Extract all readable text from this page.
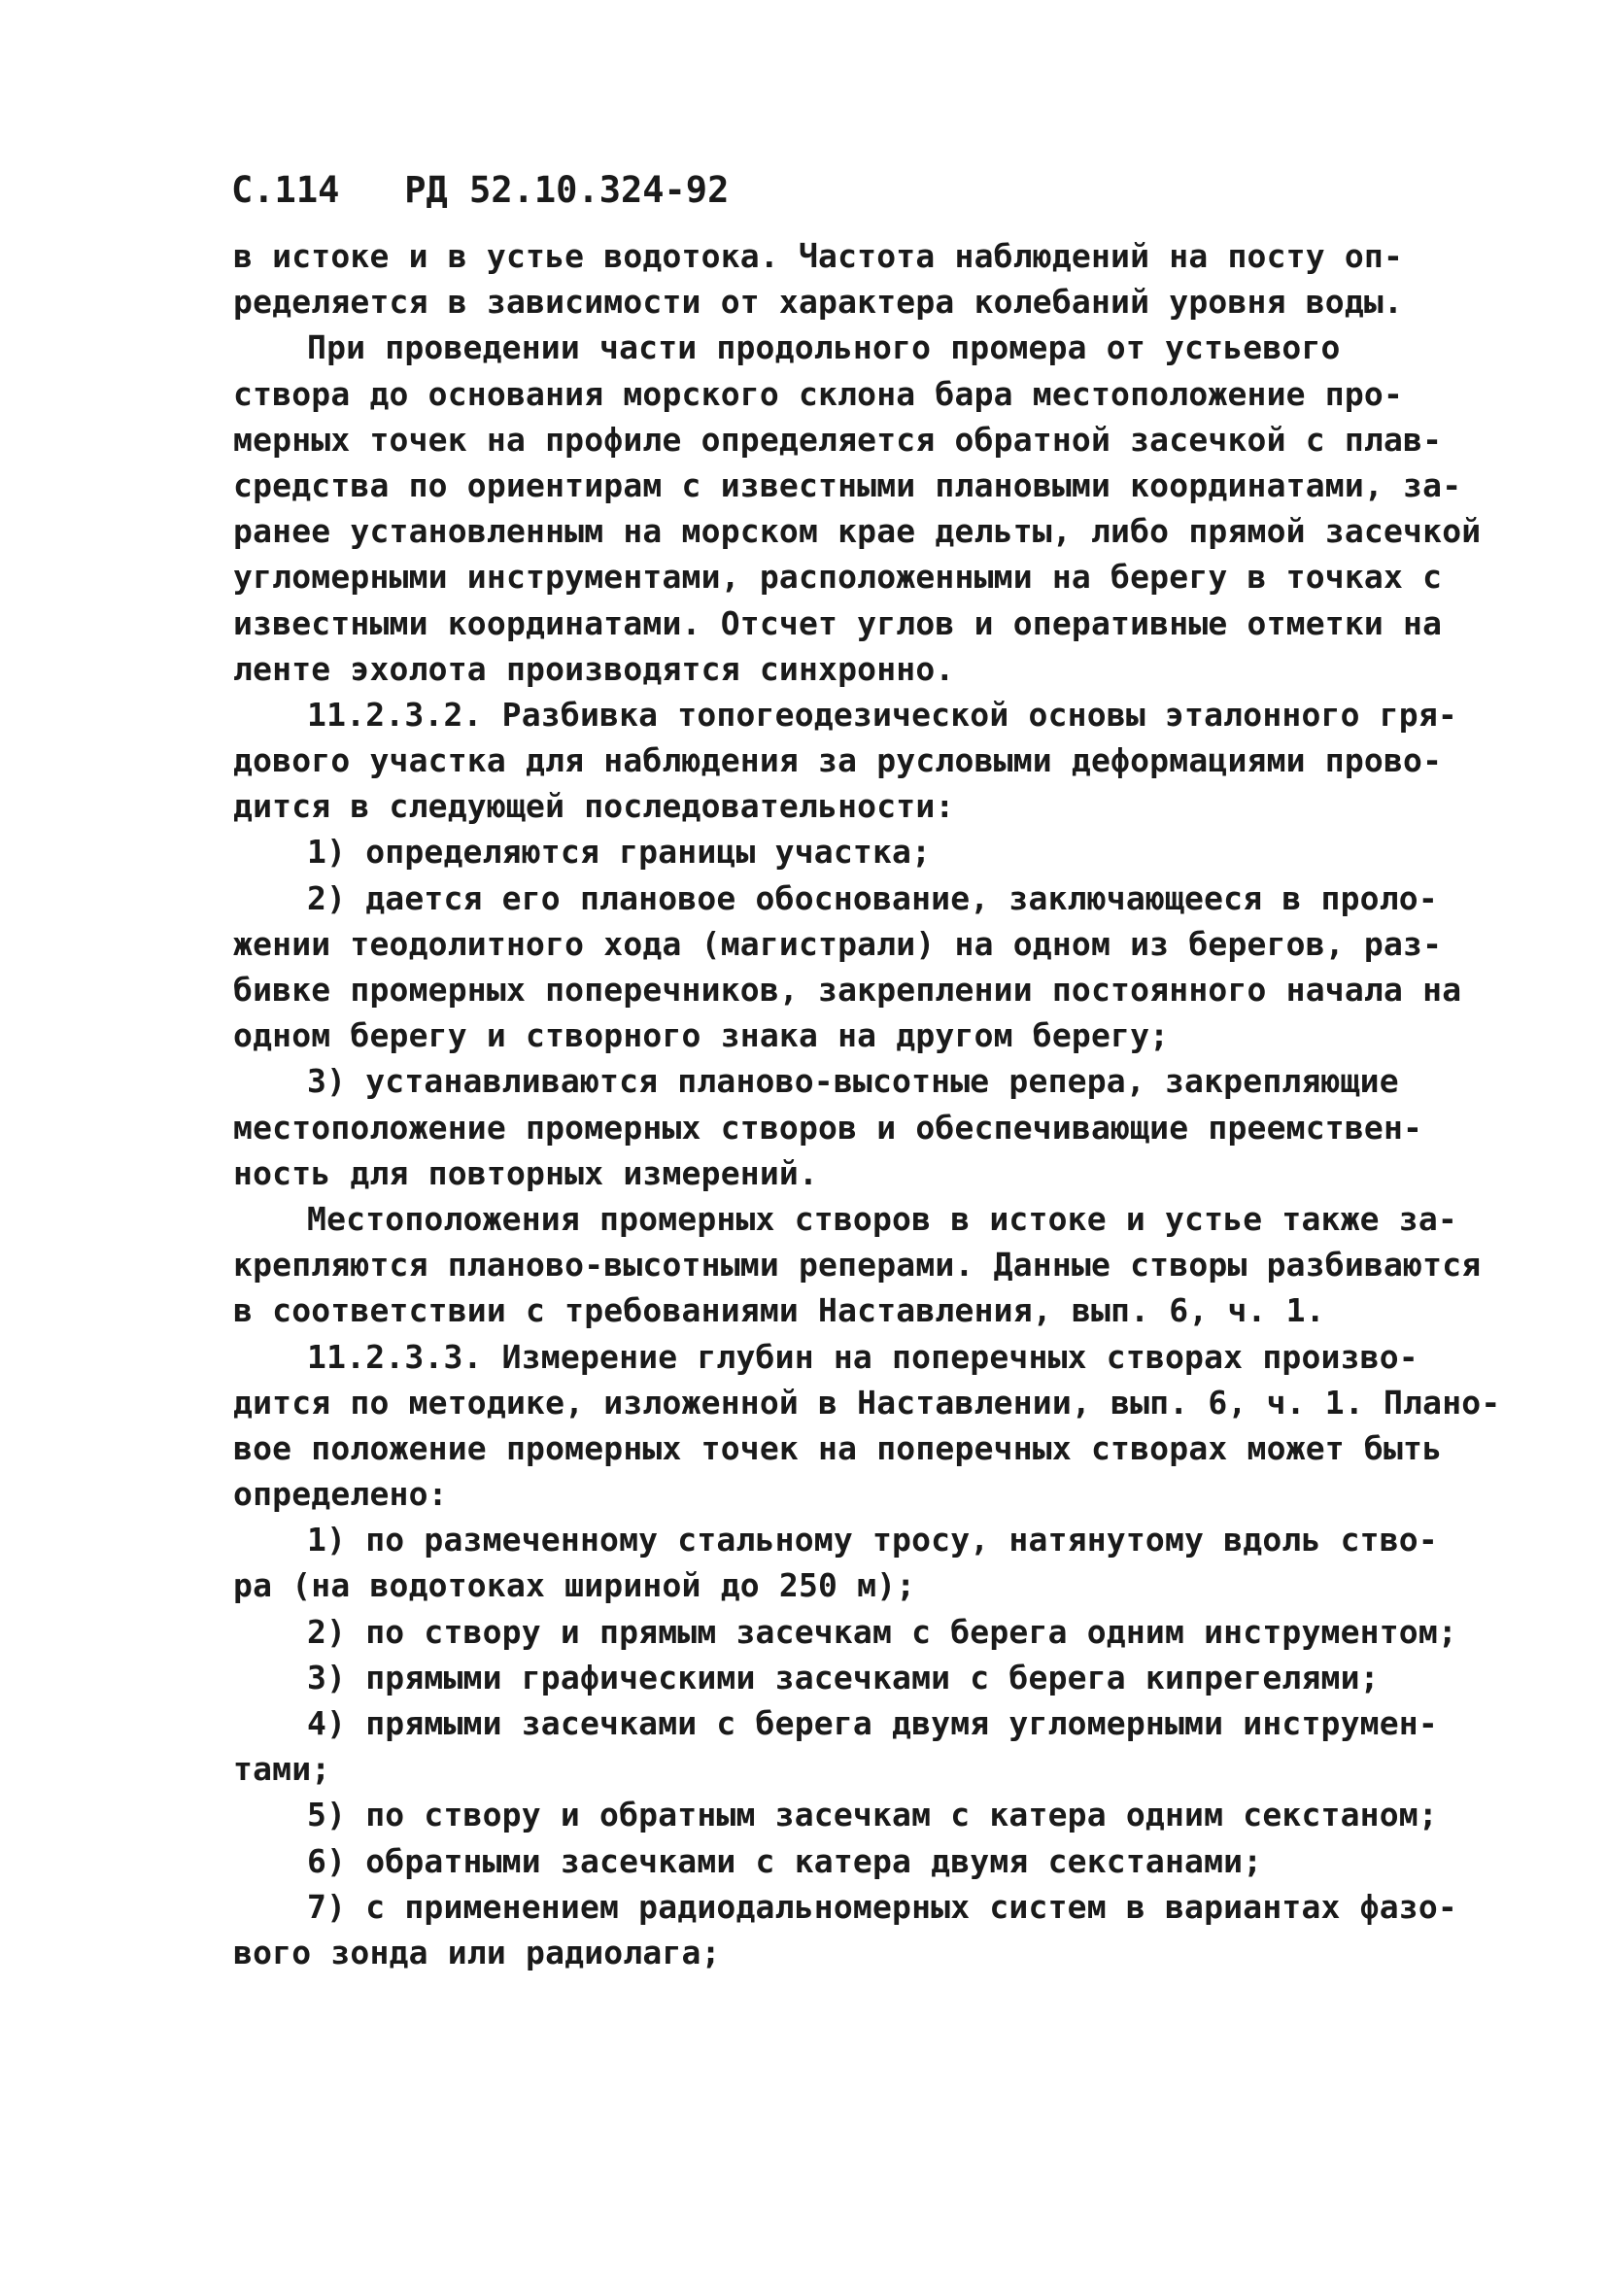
С.114 РД 52.10.324-92
в истоке и в устье водотока. Частота наблюдений на посту оп-
ределяется в зависимости от характера колебаний уровня воды.
При проведении части продольного промера от устьевого
створа до основания морского склона бара местоположение про-
мерных точек на профиле определяется обратной засечкой с плав-
средства по ориентирам с известными плановыми координатами, за-
ранее установленным на морском крае дельты, либо прямой засечкой
угломерными инструментами, расположенными на берегу в точках с
известными координатами. Отсчет углов и оперативные отметки на
ленте эхолота производятся синхронно.
11.2.3.2. Разбивка топогеодезической основы эталонного гря-
дового участка для наблюдения за русловыми деформациями прово-
дится в следующей последовательности:
1) определяются границы участка;
2) дается его плановое обоснование, заключающееся в проло-
жении теодолитного хода (магистрали) на одном из берегов, раз-
бивке промерных поперечников, закреплении постоянного начала на
одном берегу и створного знака на другом берегу;
3) устанавливаются планово-высотные репера, закрепляющие
местоположение промерных створов и обеспечивающие преемствен-
ность для повторных измерений.
Местоположения промерных створов в истоке и устье также за-
крепляются планово-высотными реперами. Данные створы разбиваются
в соответствии с требованиями Наставления, вып. 6, ч. 1.
11.2.3.3. Измерение глубин на поперечных створах произво-
дится по методике, изложенной в Наставлении, вып. 6, ч. 1. Плано-
вое положение промерных точек на поперечных створах может быть
определено:
1) по размеченному стальному тросу, натянутому вдоль ство-
ра (на водотоках шириной до 250 м);
2) по створу и прямым засечкам с берега одним инструментом;
3) прямыми графическими засечками с берега кипрегелями;
4) прямыми засечками с берега двумя угломерными инструмен-
тами;
5) по створу и обратным засечкам с катера одним секстаном;
6) обратными засечками с катера двумя секстанами;
7) с применением радиодальномерных систем в вариантах фазо-
вого зонда или радиолага;
